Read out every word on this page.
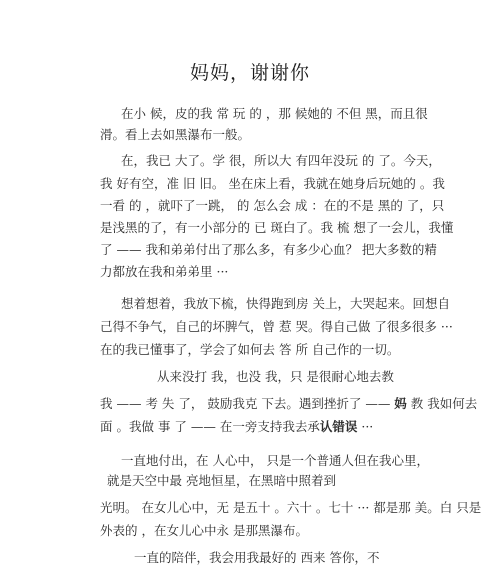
妈妈，谢谢你
在小 候，皮的我 常 玩 的 ，那 候她的 不但 黑，而且很
滑。看上去如黑瀑布一般。
在，我已 大了。学 很，所以大 有四年没玩 的 了。今天，
我 好有空，准 旧 旧。 坐在床上看，我就在她身后玩她的 。我
一看 的 ，就吓了一跳， 的 怎么会 成 ：在的不是 黑的 了，只
是浅黑的了，有一小部分的 已 斑白了。我 梳 想了一会儿，我懂
了 —— 我和弟弟付出了那么多，有多少心血？ 把大多数的精
力都放在我和弟弟里 ···
想着想着，我放下梳，快得跑到房 关上，大哭起来。回想自
己得不争气，自己的坏脾气，曾 惹 哭。得自己做 了很多很多 ···
在的我已懂事了，学会了如何去 答 所 自己作的一切。
从来没打 我，也没 我，只 是很耐心地去教
我 —— 考 失 了， 鼓励我克 下去。遇到挫折了 —— 妈 教 我如何去
面 。我做 事 了 —— 在一旁支持我去承认错误 ···
一直地付出，在 人心中， 只是一个普通人但在我心里，
就是天空中最 亮地恒星，在黑暗中照着到
光明。 在女儿心中，无 是五十 。六十 。七十 ··· 都是那 美。白 只是
外表的 ，在女儿心中永 是那黑瀑布。
一直的陪伴，我会用我最好的 西来 答你，不
